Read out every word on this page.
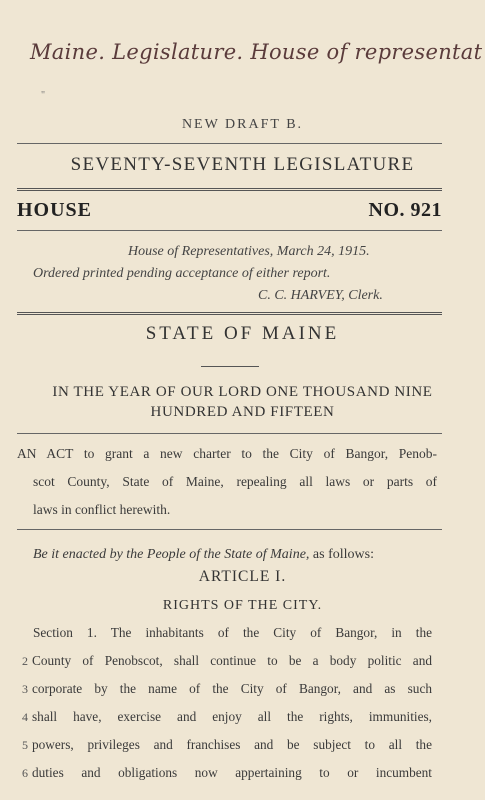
Maine. Legislature. House of representat
"
NEW DRAFT B.
SEVENTY-SEVENTH LEGISLATURE
HOUSE	NO. 921
House of Representatives, March 24, 1915.
Ordered printed pending acceptance of either report.
C. C. HARVEY, Clerk.
STATE OF MAINE
IN THE YEAR OF OUR LORD ONE THOUSAND NINE
HUNDRED AND FIFTEEN
AN ACT to grant a new charter to the City of Bangor, Penob-
scot County, State of Maine, repealing all laws or parts of
laws in conflict herewith.
Be it enacted by the People of the State of Maine, as follows:
ARTICLE I.
RIGHTS OF THE CITY.
Section 1. The inhabitants of the City of Bangor, in the
2 County of Penobscot, shall continue to be a body politic and
3 corporate by the name of the City of Bangor, and as such
4 shall have, exercise and enjoy all the rights, immunities,
5 powers, privileges and franchises and be subject to all the
6 duties and obligations now appertaining to or incumbent
